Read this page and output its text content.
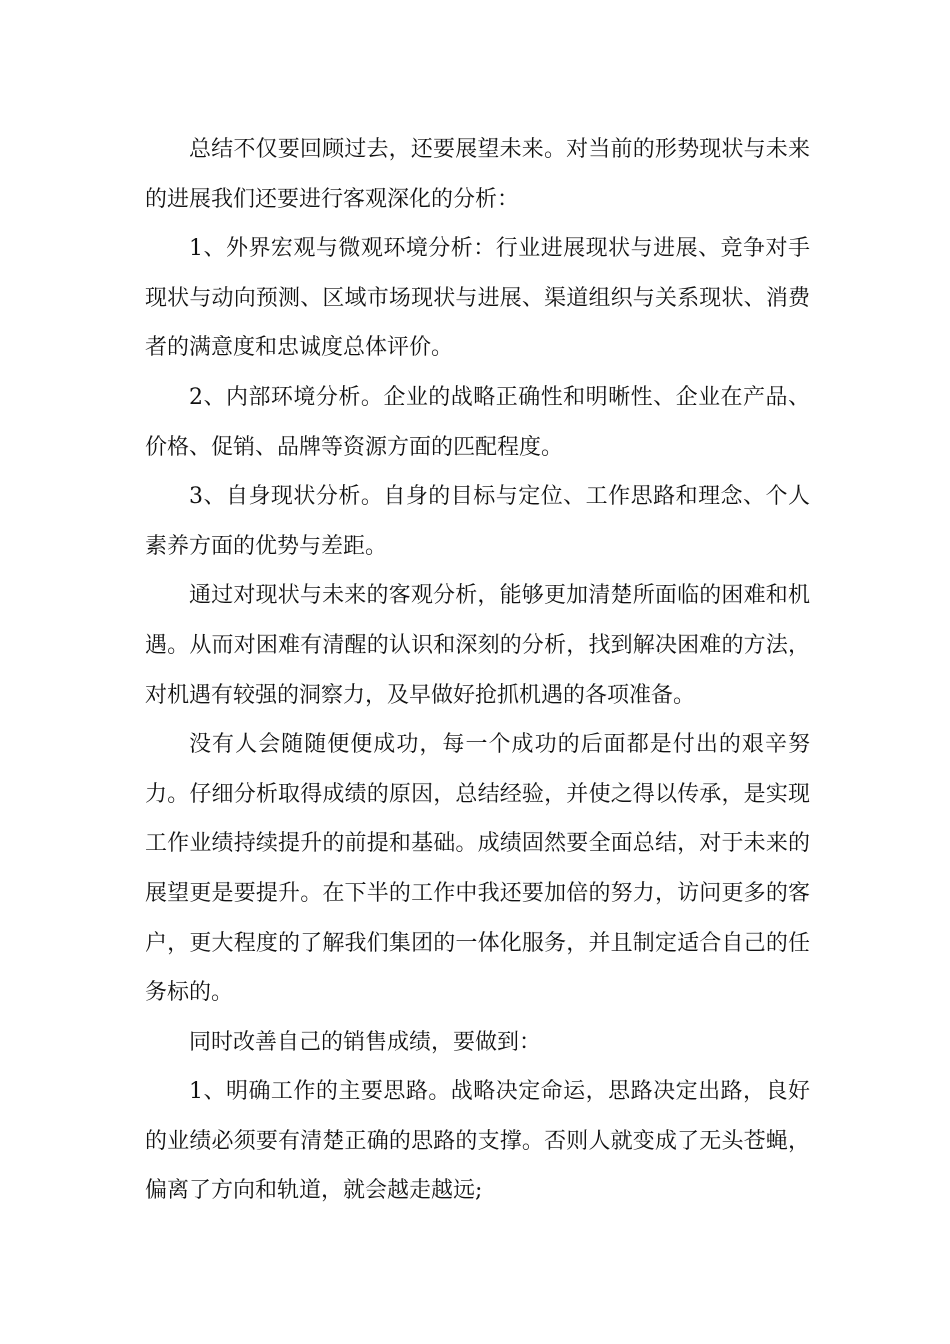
总结不仅要回顾过去，还要展望未来。对当前的形势现状与未来的进展我们还要进行客观深化的分析：

1、外界宏观与微观环境分析：行业进展现状与进展、竞争对手现状与动向预测、区域市场现状与进展、渠道组织与关系现状、消费者的满意度和忠诚度总体评价。

2、内部环境分析。企业的战略正确性和明晰性、企业在产品、价格、促销、品牌等资源方面的匹配程度。

3、自身现状分析。自身的目标与定位、工作思路和理念、个人素养方面的优势与差距。

通过对现状与未来的客观分析，能够更加清楚所面临的困难和机遇。从而对困难有清醒的认识和深刻的分析，找到解决困难的方法，对机遇有较强的洞察力，及早做好抢抓机遇的各项准备。

没有人会随随便便成功，每一个成功的后面都是付出的艰辛努力。仔细分析取得成绩的原因，总结经验，并使之得以传承，是实现工作业绩持续提升的前提和基础。成绩固然要全面总结，对于未来的展望更是要提升。在下半的工作中我还要加倍的努力，访问更多的客户，更大程度的了解我们集团的一体化服务，并且制定适合自己的任务标的。

同时改善自己的销售成绩，要做到：

1、明确工作的主要思路。战略决定命运，思路决定出路，良好的业绩必须要有清楚正确的思路的支撑。否则人就变成了无头苍蝇，偏离了方向和轨道，就会越走越远;
